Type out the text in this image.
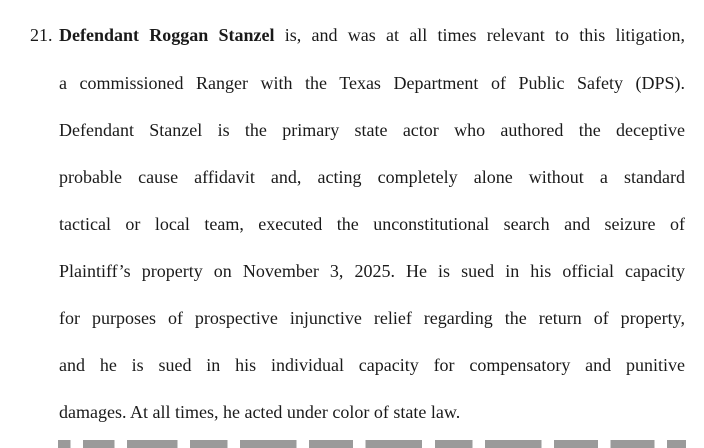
21. Defendant Roggan Stanzel is, and was at all times relevant to this litigation,
a commissioned Ranger with the Texas Department of Public Safety (DPS).
Defendant Stanzel is the primary state actor who authored the deceptive
probable cause affidavit and, acting completely alone without a standard
tactical or local team, executed the unconstitutional search and seizure of
Plaintiff’s property on November 3, 2025. He is sued in his official capacity
for purposes of prospective injunctive relief regarding the return of property,
and he is sued in his individual capacity for compensatory and punitive
damages. At all times, he acted under color of state law.
